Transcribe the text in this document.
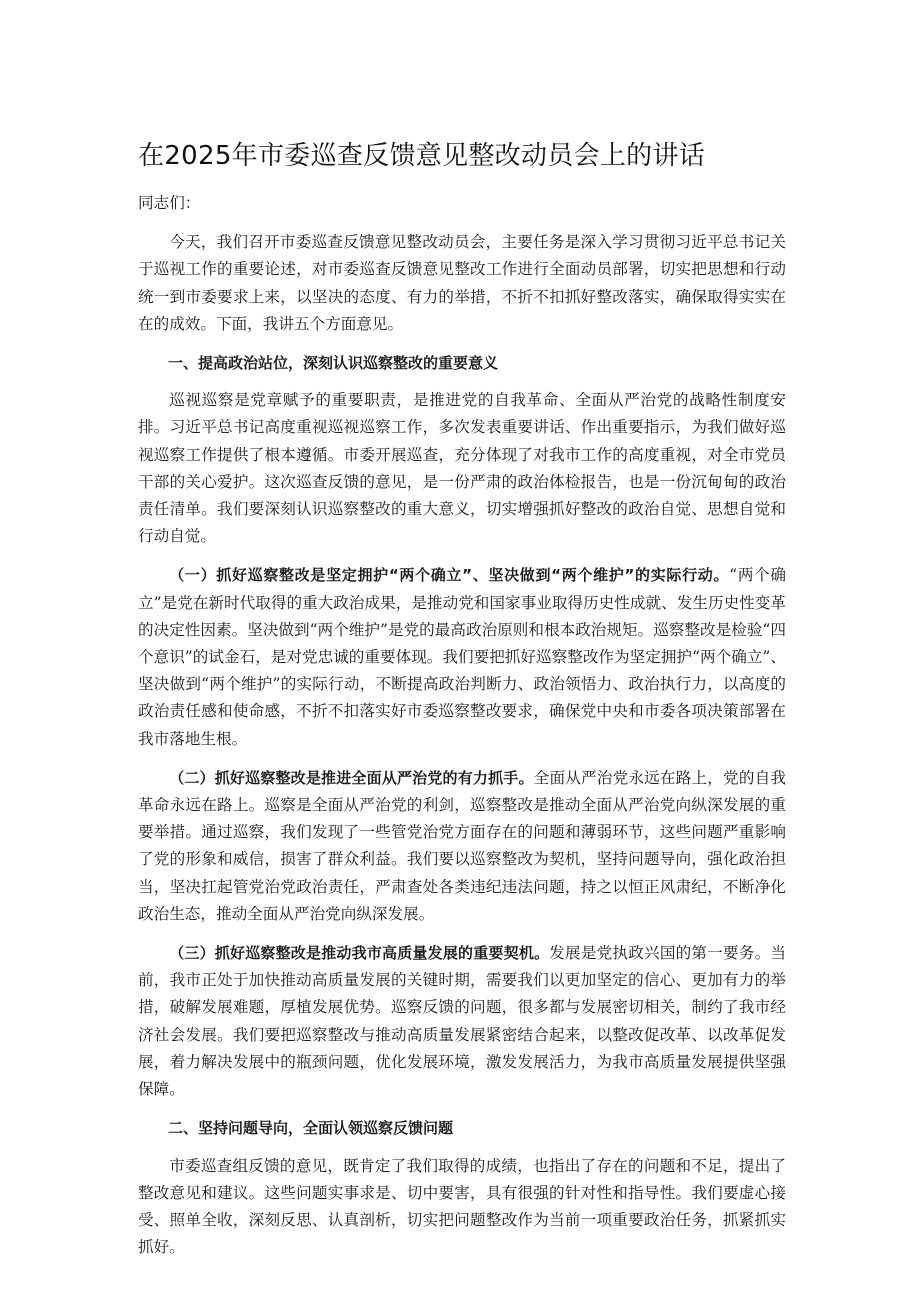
在2025年市委巡查反馈意见整改动员会上的讲话

同志们：

今天，我们召开市委巡查反馈意见整改动员会，主要任务是深入学习贯彻习近平总书记关于巡视工作的重要论述，对市委巡查反馈意见整改工作进行全面动员部署，切实把思想和行动统一到市委要求上来，以坚决的态度、有力的举措，不折不扣抓好整改落实，确保取得实实在在的成效。下面，我讲五个方面意见。

一、提高政治站位，深刻认识巡察整改的重要意义

巡视巡察是党章赋予的重要职责，是推进党的自我革命、全面从严治党的战略性制度安排。习近平总书记高度重视巡视巡察工作，多次发表重要讲话、作出重要指示，为我们做好巡视巡察工作提供了根本遵循。市委开展巡查，充分体现了对我市工作的高度重视，对全市党员干部的关心爱护。这次巡查反馈的意见，是一份严肃的政治体检报告，也是一份沉甸甸的政治责任清单。我们要深刻认识巡察整改的重大意义，切实增强抓好整改的政治自觉、思想自觉和行动自觉。

（一）抓好巡察整改是坚定拥护“两个确立”、坚决做到“两个维护”的实际行动。“两个确立”是党在新时代取得的重大政治成果，是推动党和国家事业取得历史性成就、发生历史性变革的决定性因素。坚决做到“两个维护”是党的最高政治原则和根本政治规矩。巡察整改是检验“四个意识”的试金石，是对党忠诚的重要体现。我们要把抓好巡察整改作为坚定拥护“两个确立”、坚决做到“两个维护”的实际行动，不断提高政治判断力、政治领悟力、政治执行力，以高度的政治责任感和使命感，不折不扣落实好市委巡察整改要求，确保党中央和市委各项决策部署在我市落地生根。

（二）抓好巡察整改是推进全面从严治党的有力抓手。全面从严治党永远在路上，党的自我革命永远在路上。巡察是全面从严治党的利剑，巡察整改是推动全面从严治党向纵深发展的重要举措。通过巡察，我们发现了一些管党治党方面存在的问题和薄弱环节，这些问题严重影响了党的形象和威信，损害了群众利益。我们要以巡察整改为契机，坚持问题导向，强化政治担当，坚决扛起管党治党政治责任，严肃查处各类违纪违法问题，持之以恒正风肃纪，不断净化政治生态，推动全面从严治党向纵深发展。

（三）抓好巡察整改是推动我市高质量发展的重要契机。发展是党执政兴国的第一要务。当前，我市正处于加快推动高质量发展的关键时期，需要我们以更加坚定的信心、更加有力的举措，破解发展难题，厚植发展优势。巡察反馈的问题，很多都与发展密切相关，制约了我市经济社会发展。我们要把巡察整改与推动高质量发展紧密结合起来，以整改促改革、以改革促发展，着力解决发展中的瓶颈问题，优化发展环境，激发发展活力，为我市高质量发展提供坚强保障。

二、坚持问题导向，全面认领巡察反馈问题

市委巡查组反馈的意见，既肯定了我们取得的成绩，也指出了存在的问题和不足，提出了整改意见和建议。这些问题实事求是、切中要害，具有很强的针对性和指导性。我们要虚心接受、照单全收，深刻反思、认真剖析，切实把问题整改作为当前一项重要政治任务，抓紧抓实抓好。
